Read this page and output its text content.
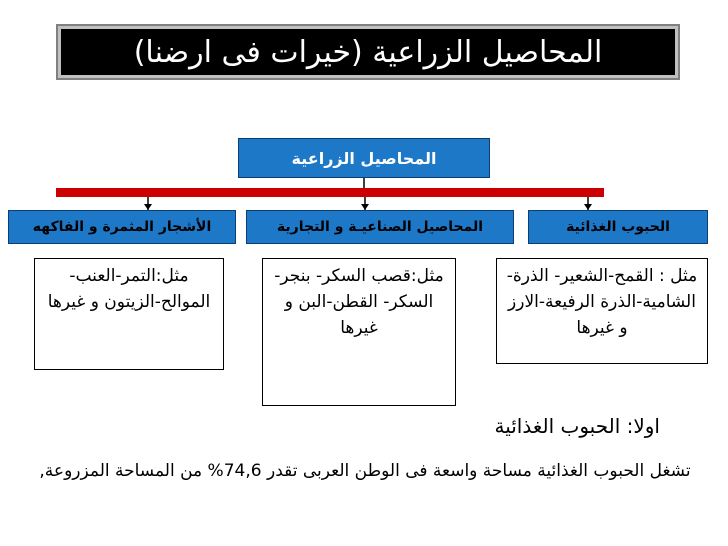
المحاصيل الزراعية (خيرات فى ارضنا)
المحاصيل الزراعية
الحبوب الغذائية
المحاصيل الصناعيـة و التجارية
الأشجار المثمرة و الفاكهه
مثل : القمح-الشعير- الذرة-الشامية-الذرة الرفيعة-الارز و غيرها
مثل:قصب السكر- بنجر-السكر- القطن-البن و غيرها
مثل:التمر-العنب- الموالح-الزيتون و غيرها
اولا: الحبوب الغذائية
تشغل الحبوب الغذائية مساحة واسعة فى الوطن العربى تقدر 74,6% من المساحة المزروعة,
